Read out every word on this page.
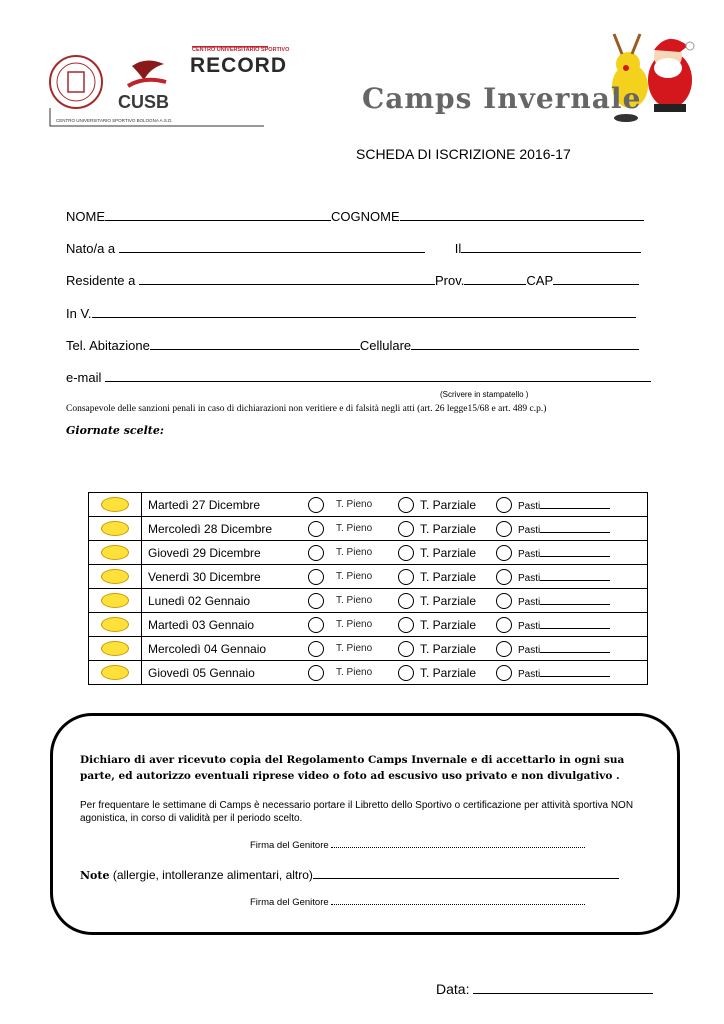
CENTRO UNIVERSITARIO SPORTIVO
RECORD
CUSB
CENTRO UNIVERSITARIO SPORTIVO BOLOGNA A.S.D.
Camps Invernale
SCHEDA DI ISCRIZIONE 2016-17
NOME	COGNOME
Nato/a a	Il
Residente a	Prov.	CAP
In V.
Tel. Abitazione	Cellulare
e-mail
(Scrivere in stampatello )
Consapevole delle sanzioni penali in caso di dichiarazioni non veritiere e di falsità negli atti (art. 26 legge15/68 e art. 489 c.p.)
Giornate scelte:
	Martedì 27 Dicembre		T. Pieno		T. Parziale		Pasti
	Mercoledì 28 Dicembre		T. Pieno		T. Parziale		Pasti
	Giovedì 29 Dicembre		T. Pieno		T. Parziale		Pasti
	Venerdì 30 Dicembre		T. Pieno		T. Parziale		Pasti
	Lunedì 02 Gennaio		T. Pieno		T. Parziale		Pasti
	Martedì 03 Gennaio		T. Pieno		T. Parziale		Pasti
	Mercoledì 04 Gennaio		T. Pieno		T. Parziale		Pasti
	Giovedì 05 Gennaio		T. Pieno		T. Parziale		Pasti
Dichiaro di aver ricevuto copia del Regolamento Camps Invernale e di accettarlo in ogni sua parte, ed autorizzo eventuali riprese video o foto ad escusivo uso privato e non divulgativo .
Per frequentare le settimane di Camps è necessario portare il Libretto dello Sportivo o certificazione per attività sportiva NON agonistica, in corso di validità per il periodo scelto.
Firma del Genitore
Note (allergie, intolleranze alimentari, altro)
Firma del Genitore
Data:
